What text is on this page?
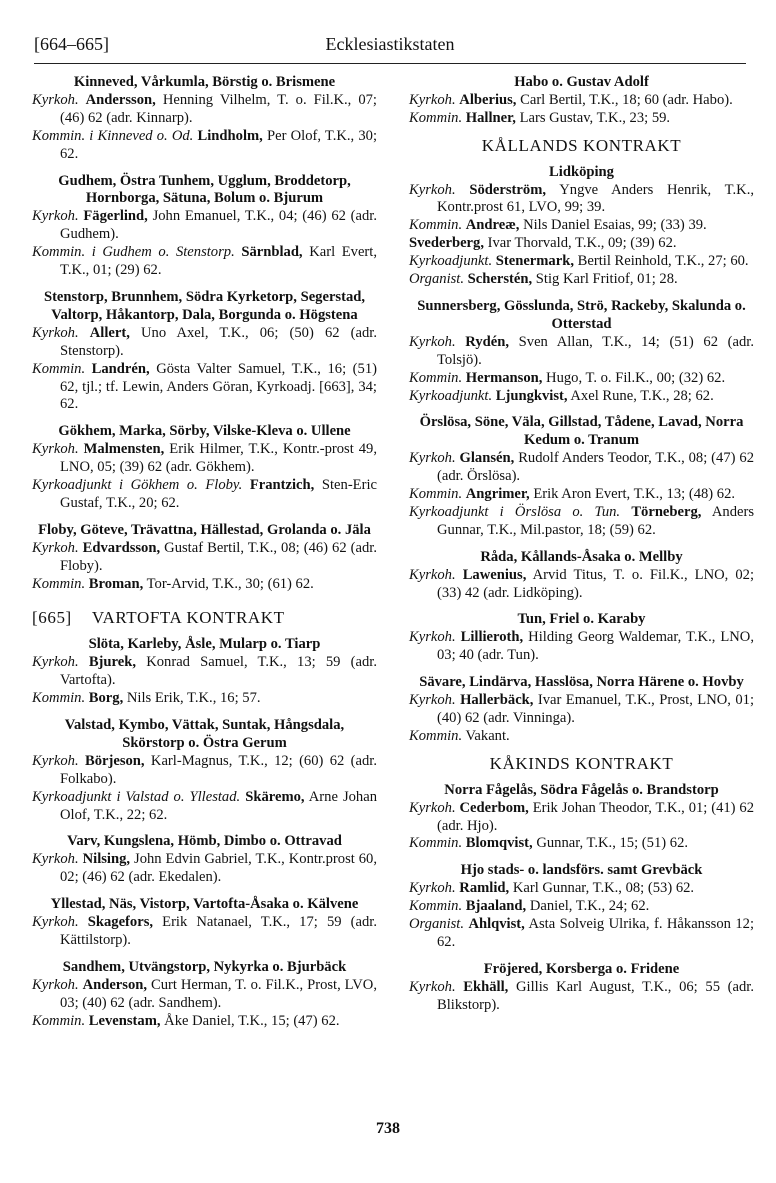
[664–665]	Ecklesiastikstaten
Kinneved, Vårkumla, Börstig o. Brismene
Kyrkoh. Andersson, Henning Vilhelm, T. o. Fil.K., 07; (46) 62 (adr. Kinnarp).
Kommin. i Kinneved o. Od. Lindholm, Per Olof, T.K., 30; 62.
Gudhem, Östra Tunhem, Ugglum, Broddetorp, Hornborga, Sätuna, Bolum o. Bjurum
Kyrkoh. Fägerlind, John Emanuel, T.K., 04; (46) 62 (adr. Gudhem).
Kommin. i Gudhem o. Stenstorp. Särnblad, Karl Evert, T.K., 01; (29) 62.
Stenstorp, Brunnhem, Södra Kyrketorp, Segerstad, Valtorp, Håkantorp, Dala, Borgunda o. Högstena
Kyrkoh. Allert, Uno Axel, T.K., 06; (50) 62 (adr. Stenstorp).
Kommin. Landrén, Gösta Valter Samuel, T.K., 16; (51) 62, tjl.; tf. Lewin, Anders Göran, Kyrkoadj. [663], 34; 62.
Gökhem, Marka, Sörby, Vilske-Kleva o. Ullene
Kyrkoh. Malmensten, Erik Hilmer, T.K., Kontr.-prost 49, LNO, 05; (39) 62 (adr. Gökhem).
Kyrkoadjunkt i Gökhem o. Floby. Frantzich, Sten-Eric Gustaf, T.K., 20; 62.
Floby, Göteve, Trävattna, Hällestad, Grolanda o. Jäla
Kyrkoh. Edvardsson, Gustaf Bertil, T.K., 08; (46) 62 (adr. Floby).
Kommin. Broman, Tor-Arvid, T.K., 30; (61) 62.
[665] VARTOFTA KONTRAKT
Slöta, Karleby, Åsle, Mularp o. Tiarp
Kyrkoh. Bjurek, Konrad Samuel, T.K., 13; 59 (adr. Vartofta).
Kommin. Borg, Nils Erik, T.K., 16; 57.
Valstad, Kymbo, Vättak, Suntak, Hångsdala, Skörstorp o. Östra Gerum
Kyrkoh. Börjeson, Karl-Magnus, T.K., 12; (60) 62 (adr. Folkabo).
Kyrkoadjunkt i Valstad o. Yllestad. Skäremo, Arne Johan Olof, T.K., 22; 62.
Varv, Kungslena, Hömb, Dimbo o. Ottravad
Kyrkoh. Nilsing, John Edvin Gabriel, T.K., Kontr.prost 60, 02; (46) 62 (adr. Ekedalen).
Yllestad, Näs, Vistorp, Vartofta-Åsaka o. Kälvene
Kyrkoh. Skagefors, Erik Natanael, T.K., 17; 59 (adr. Kättilstorp).
Sandhem, Utvängstorp, Nykyrka o. Bjurbäck
Kyrkoh. Anderson, Curt Herman, T. o. Fil.K., Prost, LVO, 03; (40) 62 (adr. Sandhem).
Kommin. Levenstam, Åke Daniel, T.K., 15; (47) 62.
Habo o. Gustav Adolf
Kyrkoh. Alberius, Carl Bertil, T.K., 18; 60 (adr. Habo).
Kommin. Hallner, Lars Gustav, T.K., 23; 59.
KÅLLANDS KONTRAKT
Lidköping
Kyrkoh. Söderström, Yngve Anders Henrik, T.K., Kontr.prost 61, LVO, 99; 39.
Kommin. Andreæ, Nils Daniel Esaias, 99; (33) 39.
Svederberg, Ivar Thorvald, T.K., 09; (39) 62.
Kyrkoadjunkt. Stenermark, Bertil Reinhold, T.K., 27; 60.
Organist. Scherstén, Stig Karl Fritiof, 01; 28.
Sunnersberg, Gösslunda, Strö, Rackeby, Skalunda o. Otterstad
Kyrkoh. Rydén, Sven Allan, T.K., 14; (51) 62 (adr. Tolsjö).
Kommin. Hermanson, Hugo, T. o. Fil.K., 00; (32) 62.
Kyrkoadjunkt. Ljungkvist, Axel Rune, T.K., 28; 62.
Örslösa, Söne, Väla, Gillstad, Tådene, Lavad, Norra Kedum o. Tranum
Kyrkoh. Glansén, Rudolf Anders Teodor, T.K., 08; (47) 62 (adr. Örslösa).
Kommin. Angrimer, Erik Aron Evert, T.K., 13; (48) 62.
Kyrkoadjunkt i Örslösa o. Tun. Törneberg, Anders Gunnar, T.K., Mil.pastor, 18; (59) 62.
Råda, Kållands-Åsaka o. Mellby
Kyrkoh. Lawenius, Arvid Titus, T. o. Fil.K., LNO, 02; (33) 42 (adr. Lidköping).
Tun, Friel o. Karaby
Kyrkoh. Lillieroth, Hilding Georg Waldemar, T.K., LNO, 03; 40 (adr. Tun).
Sävare, Lindärva, Hasslösa, Norra Härene o. Hovby
Kyrkoh. Hallerbäck, Ivar Emanuel, T.K., Prost, LNO, 01; (40) 62 (adr. Vinninga).
Kommin. Vakant.
KÅKINDS KONTRAKT
Norra Fågelås, Södra Fågelås o. Brandstorp
Kyrkoh. Cederbom, Erik Johan Theodor, T.K., 01; (41) 62 (adr. Hjo).
Kommin. Blomqvist, Gunnar, T.K., 15; (51) 62.
Hjo stads- o. landsförs. samt Grevbäck
Kyrkoh. Ramlid, Karl Gunnar, T.K., 08; (53) 62.
Kommin. Bjaaland, Daniel, T.K., 24; 62.
Organist. Ahlqvist, Asta Solveig Ulrika, f. Håkansson 12; 62.
Fröjered, Korsberga o. Fridene
Kyrkoh. Ekhäll, Gillis Karl August, T.K., 06; 55 (adr. Blikstorp).
738
